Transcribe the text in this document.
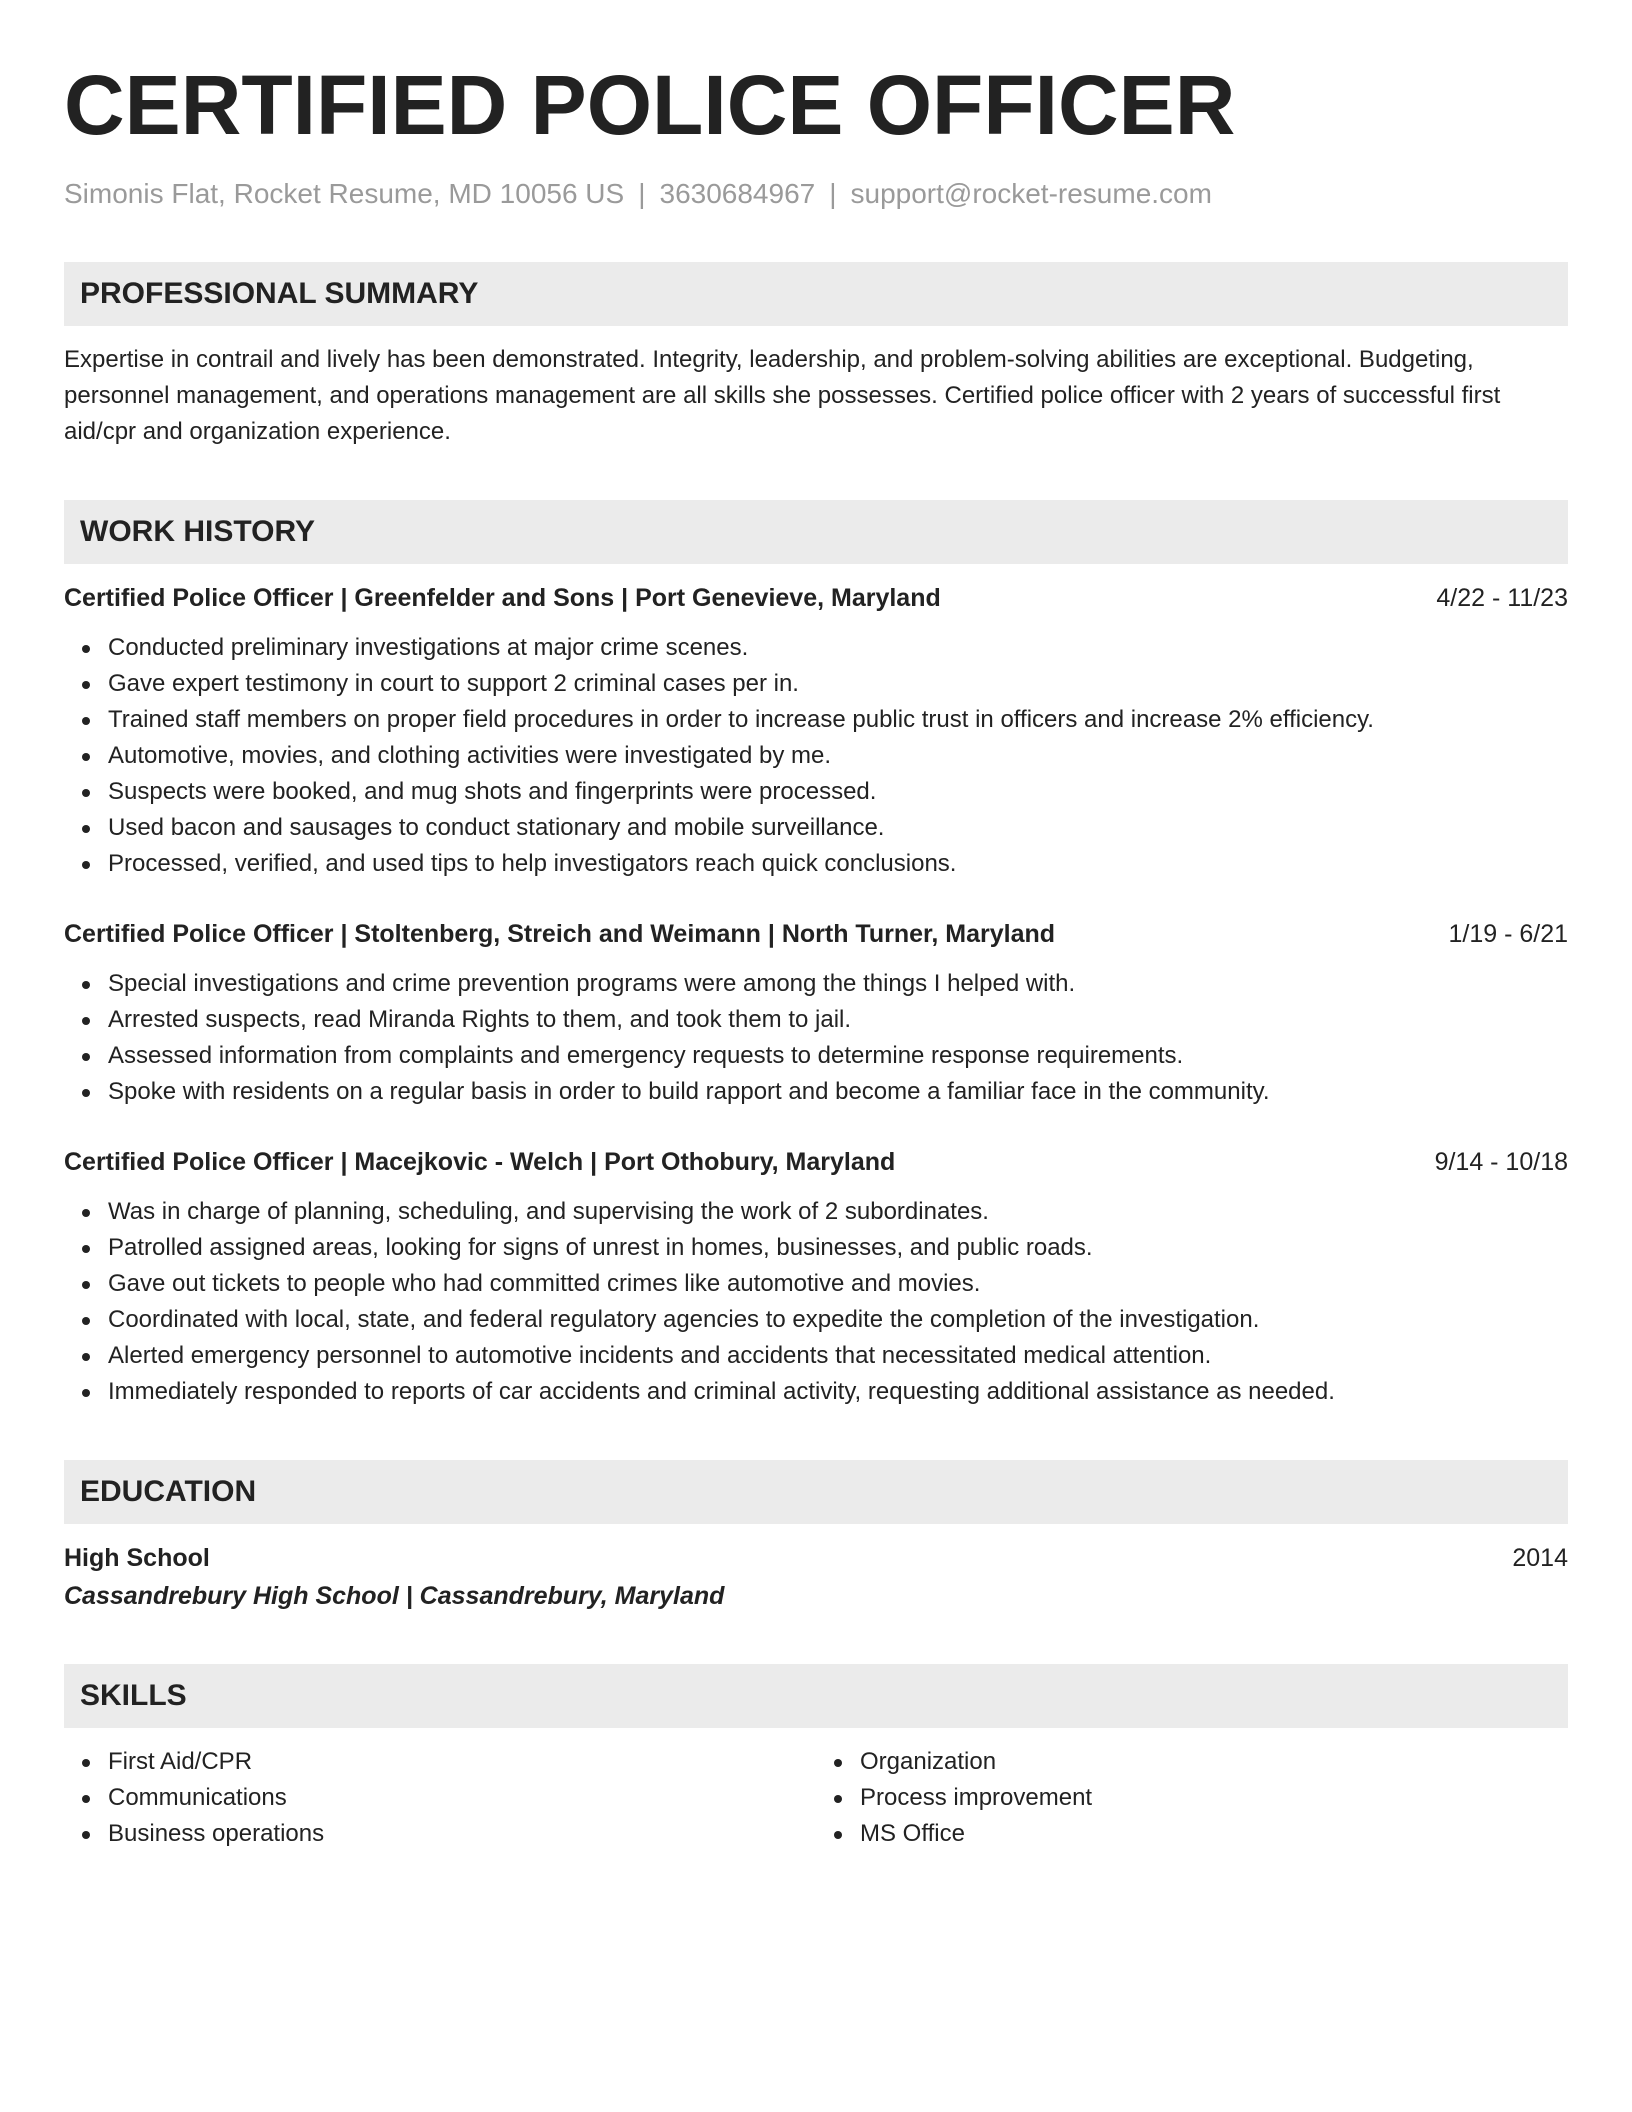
CERTIFIED POLICE OFFICER
Simonis Flat, Rocket Resume, MD 10056 US | 3630684967 | support@rocket-resume.com
PROFESSIONAL SUMMARY
Expertise in contrail and lively has been demonstrated. Integrity, leadership, and problem-solving abilities are exceptional. Budgeting, personnel management, and operations management are all skills she possesses. Certified police officer with 2 years of successful first aid/cpr and organization experience.
WORK HISTORY
Certified Police Officer | Greenfelder and Sons | Port Genevieve, Maryland	4/22 - 11/23
Conducted preliminary investigations at major crime scenes.
Gave expert testimony in court to support 2 criminal cases per in.
Trained staff members on proper field procedures in order to increase public trust in officers and increase 2% efficiency.
Automotive, movies, and clothing activities were investigated by me.
Suspects were booked, and mug shots and fingerprints were processed.
Used bacon and sausages to conduct stationary and mobile surveillance.
Processed, verified, and used tips to help investigators reach quick conclusions.
Certified Police Officer | Stoltenberg, Streich and Weimann | North Turner, Maryland	1/19 - 6/21
Special investigations and crime prevention programs were among the things I helped with.
Arrested suspects, read Miranda Rights to them, and took them to jail.
Assessed information from complaints and emergency requests to determine response requirements.
Spoke with residents on a regular basis in order to build rapport and become a familiar face in the community.
Certified Police Officer | Macejkovic - Welch | Port Othobury, Maryland	9/14 - 10/18
Was in charge of planning, scheduling, and supervising the work of 2 subordinates.
Patrolled assigned areas, looking for signs of unrest in homes, businesses, and public roads.
Gave out tickets to people who had committed crimes like automotive and movies.
Coordinated with local, state, and federal regulatory agencies to expedite the completion of the investigation.
Alerted emergency personnel to automotive incidents and accidents that necessitated medical attention.
Immediately responded to reports of car accidents and criminal activity, requesting additional assistance as needed.
EDUCATION
High School	2014
Cassandrebury High School | Cassandrebury, Maryland
SKILLS
First Aid/CPR
Communications
Business operations
Organization
Process improvement
MS Office
